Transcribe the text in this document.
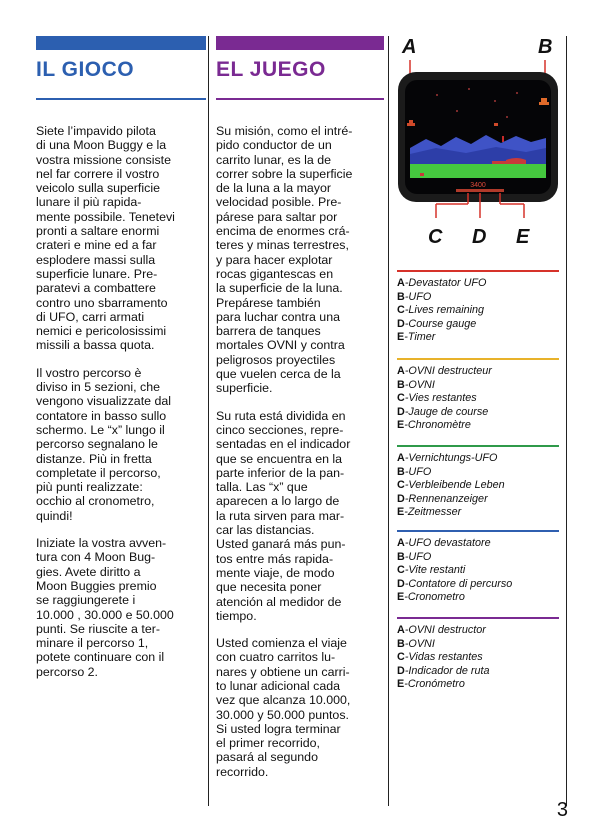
IL GIOCO

Siete l’impavido pilota
di una Moon Buggy e la
vostra missione consiste
nel far correre il vostro
veicolo sulla superficie
lunare il più rapida-
mente possibile. Tenetevi
pronti a saltare enormi
crateri e mine ed a far
esplodere massi sulla
superficie lunare. Pre-
paratevi a combattere
contro uno sbarramento
di UFO, carri armati
nemici e pericolosissimi
missili a bassa quota.

Il vostro percorso è
diviso in 5 sezioni, che
vengono visualizzate dal
contatore in basso sullo
schermo. Le “x” lungo il
percorso segnalano le
distanze. Più in fretta
completate il percorso,
più punti realizzate:
occhio al cronometro,
quindi!

Iniziate la vostra avven-
tura con 4 Moon Bug-
gies. Avete diritto a
Moon Buggies premio
se raggiungerete i
10.000 , 30.000 e 50.000
punti. Se riuscite a ter-
minare il percorso 1,
potete continuare con il
percorso 2.

EL JUEGO

Su misión, como el intré-
pido conductor de un
carrito lunar, es la de
correr sobre la superficie
de la luna a la mayor
velocidad posible. Pre-
párese para saltar por
encima de enormes crá-
teres y minas terrestres,
y para hacer explotar
rocas gigantescas en
la superficie de la luna.
Prepárese también
para luchar contra una
barrera de tanques
mortales OVNI y contra
peligrosos proyectiles
que vuelen cerca de la
superficie.

Su ruta está dividida en
cinco secciones, repre-
sentadas en el indicador
que se encuentra en la
parte inferior de la pan-
talla. Las “x” que
aparecen a lo largo de
la ruta sirven para mar-
car las distancias.
Usted ganará más pun-
tos entre más rapida-
mente viaje, de modo
que necesita poner
atención al medidor de
tiempo.

Usted comienza el viaje
con cuatro carritos lu-
nares y obtiene un carri-
to lunar adicional cada
vez que alcanza 10.000,
30.000 y 50.000 puntos.
Si usted logra terminar
el primer recorrido,
pasará al segundo
recorrido.

A	B
3400
C D E
A-Devastator UFO
B-UFO
C-Lives remaining
D-Course gauge
E-Timer
A-OVNI destructeur
B-OVNI
C-Vies restantes
D-Jauge de course
E-Chronomètre
A-Vernichtungs-UFO
B-UFO
C-Verbleibende Leben
D-Rennenanzeiger
E-Zeitmesser
A-UFO devastatore
B-UFO
C-Vite restanti
D-Contatore di percurso
E-Cronometro
A-OVNI destructor
B-OVNI
C-Vidas restantes
D-Indicador de ruta
E-Cronómetro
3
